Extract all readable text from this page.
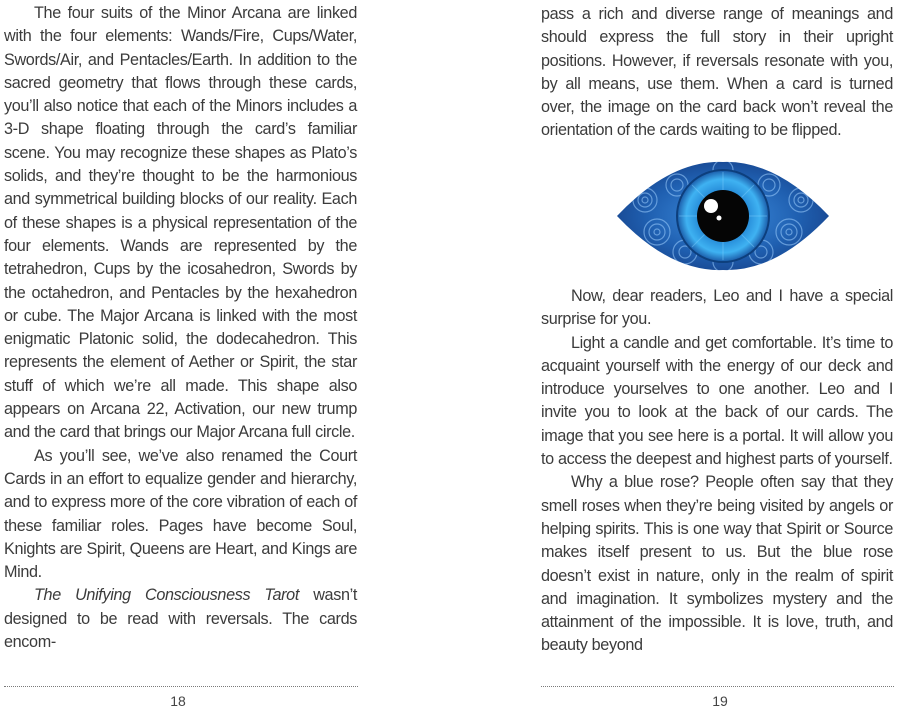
The four suits of the Minor Arcana are linked with the four elements: Wands/Fire, Cups/Water, Swords/Air, and Pentacles/Earth. In addition to the sacred geometry that flows through these cards, you’ll also notice that each of the Minors includes a 3-D shape floating through the card’s familiar scene. You may recognize these shapes as Plato’s solids, and they’re thought to be the harmonious and symmetrical building blocks of our reality. Each of these shapes is a physical representation of the four elements. Wands are represented by the tetrahedron, Cups by the icosahedron, Swords by the octahedron, and Pentacles by the hexahedron or cube. The Major Arcana is linked with the most enigmatic Platonic solid, the dodecahedron. This represents the element of Aether or Spirit, the star stuff of which we’re all made. This shape also appears on Arcana 22, Activation, our new trump and the card that brings our Major Arcana full circle.

As you’ll see, we’ve also renamed the Court Cards in an effort to equalize gender and hierarchy, and to express more of the core vibration of each of these familiar roles. Pages have become Soul, Knights are Spirit, Queens are Heart, and Kings are Mind.

The Unifying Consciousness Tarot wasn’t designed to be read with reversals. The cards encom-

18

pass a rich and diverse range of meanings and should express the full story in their upright positions. However, if reversals resonate with you, by all means, use them. When a card is turned over, the image on the card back won’t reveal the orientation of the cards waiting to be flipped.

Now, dear readers, Leo and I have a special surprise for you.

Light a candle and get comfortable. It’s time to acquaint yourself with the energy of our deck and introduce yourselves to one another. Leo and I invite you to look at the back of our cards. The image that you see here is a portal. It will allow you to access the deepest and highest parts of yourself.

Why a blue rose? People often say that they smell roses when they’re being visited by angels or helping spirits. This is one way that Spirit or Source makes itself present to us. But the blue rose doesn’t exist in nature, only in the realm of spirit and imagination. It symbolizes mystery and the attainment of the impossible. It is love, truth, and beauty beyond

19
